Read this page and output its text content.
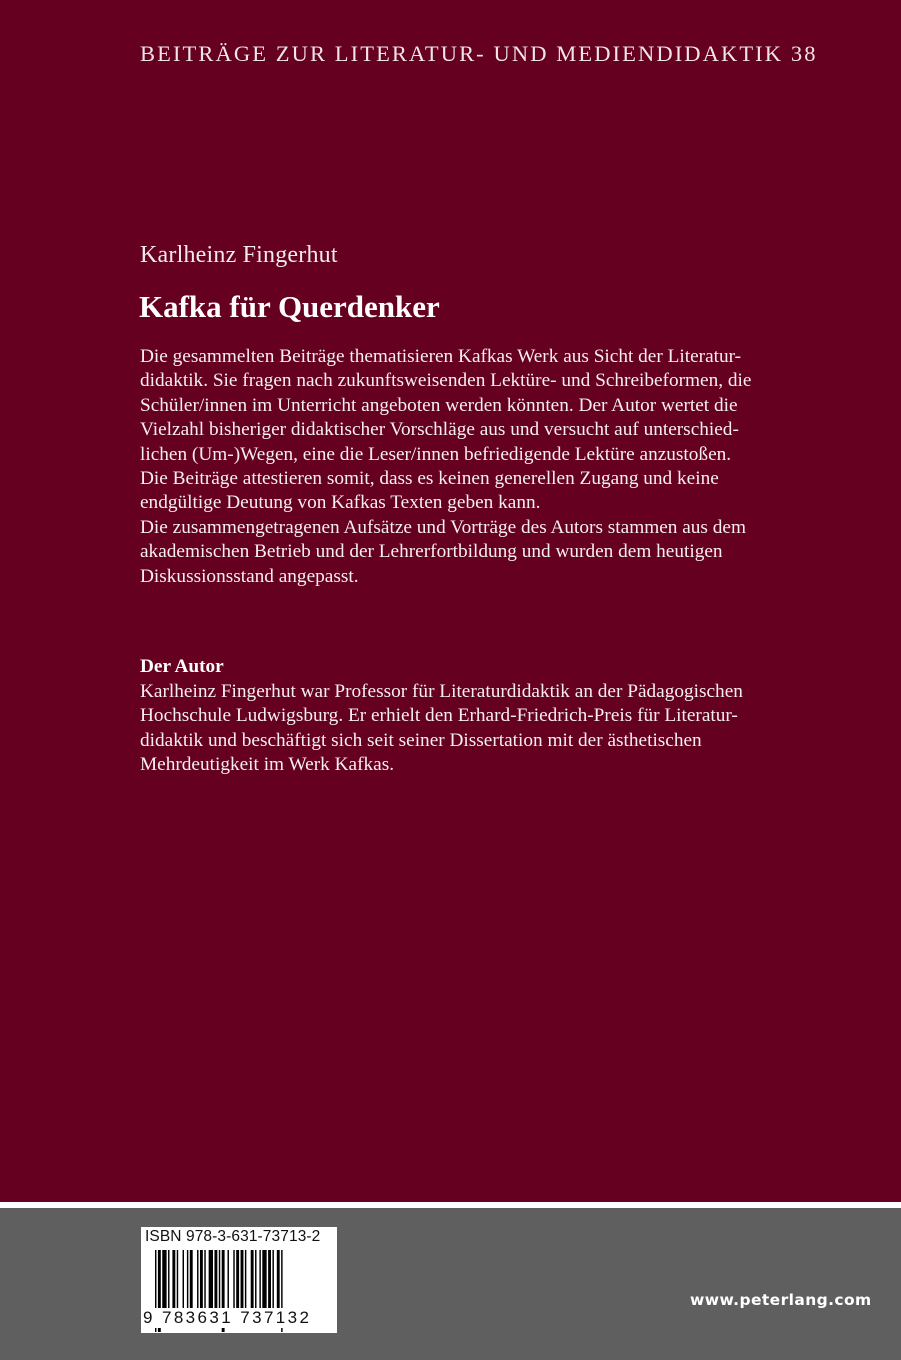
BEITRÄGE ZUR LITERATUR- UND MEDIENDIDAKTIK 38
Karlheinz Fingerhut
Kafka für Querdenker
Die gesammelten Beiträge thematisieren Kafkas Werk aus Sicht der Literatur-
didaktik. Sie fragen nach zukunftsweisenden Lektüre- und Schreibeformen, die
Schüler/innen im Unterricht angeboten werden könnten. Der Autor wertet die
Vielzahl bisheriger didaktischer Vorschläge aus und versucht auf unterschied-
lichen (Um-)Wegen, eine die Leser/innen befriedigende Lektüre anzustoßen.
Die Beiträge attestieren somit, dass es keinen generellen Zugang und keine
endgültige Deutung von Kafkas Texten geben kann.
Die zusammengetragenen Aufsätze und Vorträge des Autors stammen aus dem
akademischen Betrieb und der Lehrerfortbildung und wurden dem heutigen
Diskussionsstand angepasst.
Der Autor
Karlheinz Fingerhut war Professor für Literaturdidaktik an der Pädagogischen
Hochschule Ludwigsburg. Er erhielt den Erhard-Friedrich-Preis für Literatur-
didaktik und beschäftigt sich seit seiner Dissertation mit der ästhetischen
Mehrdeutigkeit im Werk Kafkas.
ISBN 978-3-631-73713-2
9 783631 737132
www.peterlang.com
